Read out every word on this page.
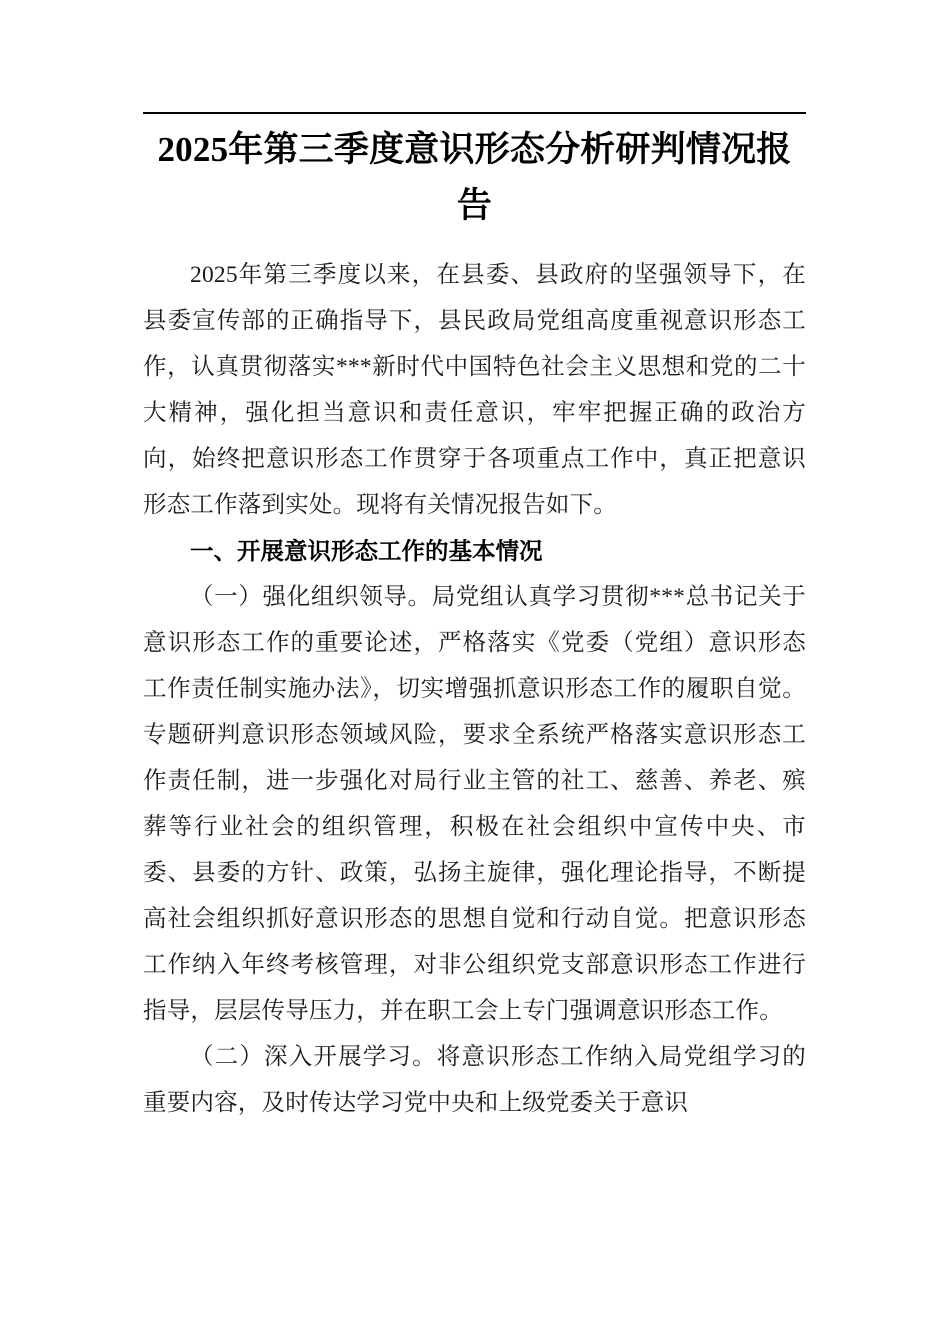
2025年第三季度意识形态分析研判情况报告

2025年第三季度以来，在县委、县政府的坚强领导下，在县委宣传部的正确指导下，县民政局党组高度重视意识形态工作，认真贯彻落实***新时代中国特色社会主义思想和党的二十大精神，强化担当意识和责任意识，牢牢把握正确的政治方向，始终把意识形态工作贯穿于各项重点工作中，真正把意识形态工作落到实处。现将有关情况报告如下。

一、开展意识形态工作的基本情况

（一）强化组织领导。局党组认真学习贯彻***总书记关于意识形态工作的重要论述，严格落实《党委（党组）意识形态工作责任制实施办法》，切实增强抓意识形态工作的履职自觉。专题研判意识形态领域风险，要求全系统严格落实意识形态工作责任制，进一步强化对局行业主管的社工、慈善、养老、殡葬等行业社会的组织管理，积极在社会组织中宣传中央、市委、县委的方针、政策，弘扬主旋律，强化理论指导，不断提高社会组织抓好意识形态的思想自觉和行动自觉。把意识形态工作纳入年终考核管理，对非公组织党支部意识形态工作进行指导，层层传导压力，并在职工会上专门强调意识形态工作。

（二）深入开展学习。将意识形态工作纳入局党组学习的重要内容，及时传达学习党中央和上级党委关于意识
